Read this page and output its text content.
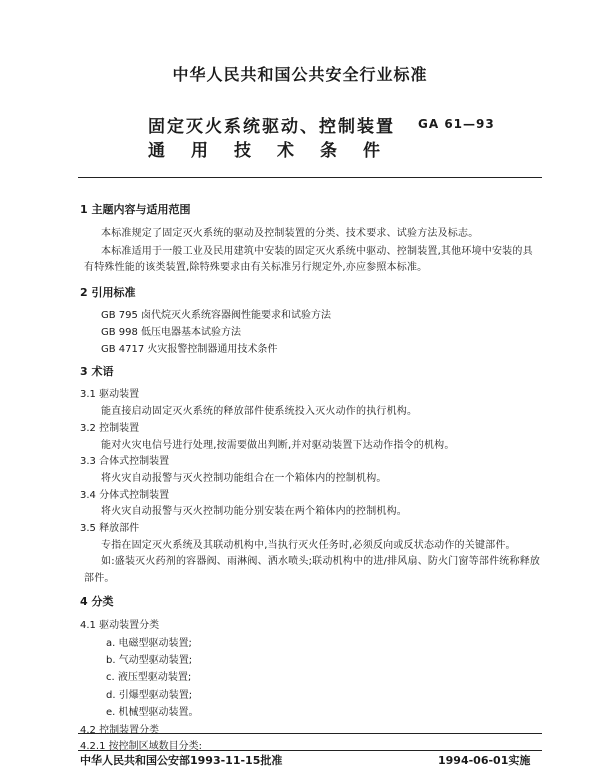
中华人民共和国公共安全行业标准
固定灭火系统驱动、控制装置
通用技术条件
GA 61—93
1 主题内容与适用范围
本标准规定了固定灭火系统的驱动及控制装置的分类、技术要求、试验方法及标志。
本标准适用于一般工业及民用建筑中安装的固定灭火系统中驱动、控制装置,其他环境中安装的具
有特殊性能的该类装置,除特殊要求由有关标准另行规定外,亦应参照本标准。
2 引用标准
GB 795 卤代烷灭火系统容器阀性能要求和试验方法
GB 998 低压电器基本试验方法
GB 4717 火灾报警控制器通用技术条件
3 术语
3.1 驱动装置
能直接启动固定灭火系统的释放部件使系统投入灭火动作的执行机构。
3.2 控制装置
能对火灾电信号进行处理,按需要做出判断,并对驱动装置下达动作指令的机构。
3.3 合体式控制装置
将火灾自动报警与灭火控制功能组合在一个箱体内的控制机构。
3.4 分体式控制装置
将火灾自动报警与灭火控制功能分别安装在两个箱体内的控制机构。
3.5 释放部件
专指在固定灭火系统及其联动机构中,当执行灭火任务时,必须反向或反状态动作的关键部件。
如:盛装灭火药剂的容器阀、雨淋阀、洒水喷头;联动机构中的进/排风扇、防火门窗等部件统称释放
部件。
4 分类
4.1 驱动装置分类
a. 电磁型驱动装置;
b. 气动型驱动装置;
c. 液压型驱动装置;
d. 引爆型驱动装置;
e. 机械型驱动装置。
4.2 控制装置分类
4.2.1 按控制区域数目分类:
中华人民共和国公安部1993-11-15批准	1994-06-01实施
